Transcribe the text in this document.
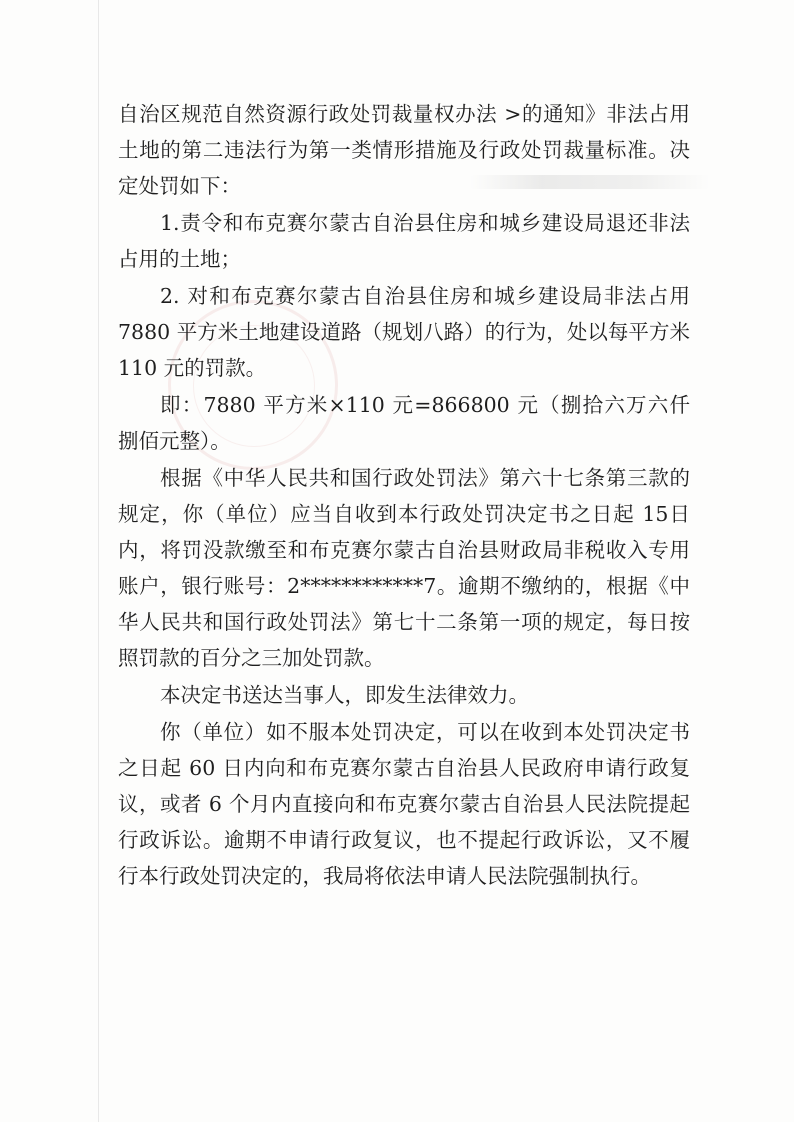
自治区规范自然资源行政处罚裁量权办法 >的通知》非法占用土地的第二违法行为第一类情形措施及行政处罚裁量标准。决定处罚如下：

1.责令和布克赛尔蒙古自治县住房和城乡建设局退还非法占用的土地；

2. 对和布克赛尔蒙古自治县住房和城乡建设局非法占用 7880 平方米土地建设道路（规划八路）的行为，处以每平方米 110 元的罚款。

即：7880 平方米×110 元=866800 元（捌拾六万六仟捌佰元整）。

根据《中华人民共和国行政处罚法》第六十七条第三款的规定，你（单位）应当自收到本行政处罚决定书之日起 15日内，将罚没款缴至和布克赛尔蒙古自治县财政局非税收入专用账户，银行账号：2************7。逾期不缴纳的，根据《中华人民共和国行政处罚法》第七十二条第一项的规定，每日按照罚款的百分之三加处罚款。

本决定书送达当事人，即发生法律效力。

你（单位）如不服本处罚决定，可以在收到本处罚决定书之日起 60 日内向和布克赛尔蒙古自治县人民政府申请行政复议，或者 6 个月内直接向和布克赛尔蒙古自治县人民法院提起行政诉讼。逾期不申请行政复议，也不提起行政诉讼，又不履行本行政处罚决定的，我局将依法申请人民法院强制执行。
